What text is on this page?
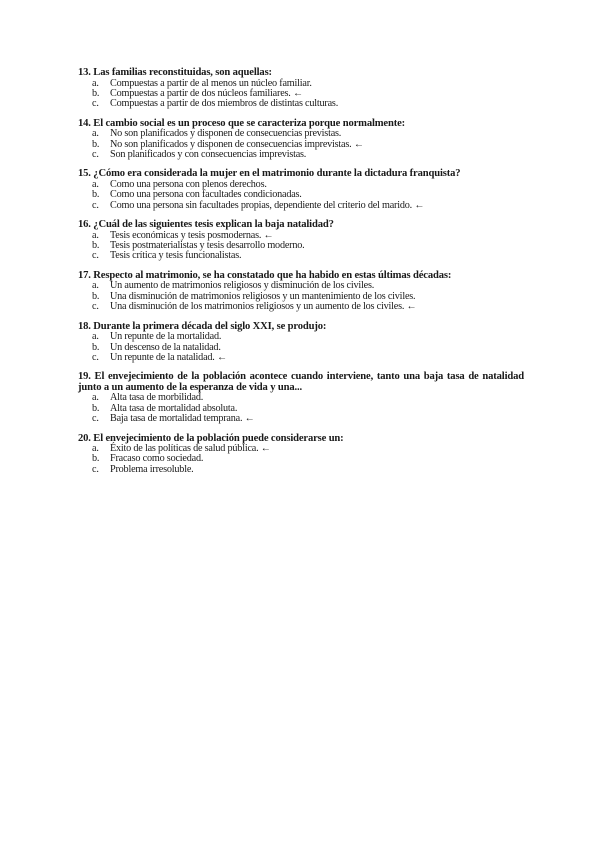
13. Las familias reconstituidas, son aquellas:
a.	Compuestas a partir de al menos un núcleo familiar.
b.	Compuestas a partir de dos núcleos familiares. ←
c.	Compuestas a partir de dos miembros de distintas culturas.
14. El cambio social es un proceso que se caracteriza porque normalmente:
a.	No son planificados y disponen de consecuencias previstas.
b.	No son planificados y disponen de consecuencias imprevistas. ←
c.	Son planificados y con consecuencias imprevistas.
15. ¿Cómo era considerada la mujer en el matrimonio durante la dictadura franquista?
a.	Como una persona con plenos derechos.
b.	Como una persona con facultades condicionadas.
c.	Como una persona sin facultades propias, dependiente del criterio del marido. ←
16. ¿Cuál de las siguientes tesis explican la baja natalidad?
a.	Tesis económicas y tesis posmodernas. ←
b.	Tesis postmaterialistas y tesis desarrollo moderno.
c.	Tesis crítica y tesis funcionalistas.
17. Respecto al matrimonio, se ha constatado que ha habido en estas últimas décadas:
a.	Un aumento de matrimonios religiosos y disminución de los civiles.
b.	Una disminución de matrimonios religiosos y un mantenimiento de los civiles.
c.	Una disminución de los matrimonios religiosos y un aumento de los civiles. ←
18. Durante la primera década del siglo XXI, se produjo:
a.	Un repunte de la mortalidad.
b.	Un descenso de la natalidad.
c.	Un repunte de la natalidad. ←
19. El envejecimiento de la población acontece cuando interviene, tanto una baja tasa de natalidad junto a un aumento de la esperanza de vida y una...
a.	Alta tasa de morbilidad.
b.	Alta tasa de mortalidad absoluta.
c.	Baja tasa de mortalidad temprana. ←
20. El envejecimiento de la población puede considerarse un:
a.	Éxito de las políticas de salud pública. ←
b.	Fracaso como sociedad.
c.	Problema irresoluble.
